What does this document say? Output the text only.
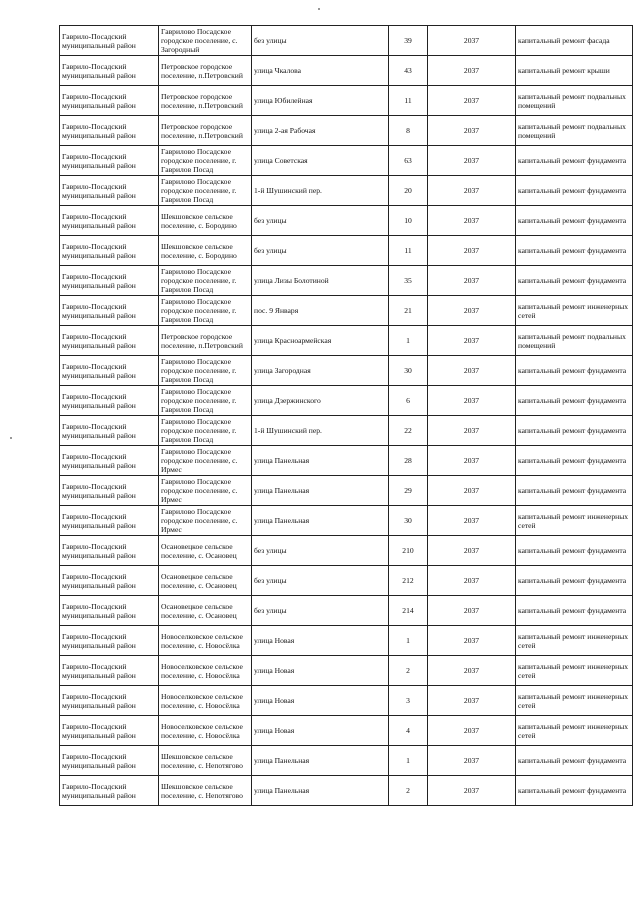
Гаврило-Посадский муниципальный район	Гаврилово Посадское городское поселение, с. Загородный	без улицы	39	2037	капитальный ремонт фасада
Гаврило-Посадский муниципальный район	Петровское городское поселение, п.Петровский	улица Чкалова	43	2037	капитальный ремонт крыши
Гаврило-Посадский муниципальный район	Петровское городское поселение, п.Петровский	улица Юбилейная	11	2037	капитальный ремонт подвальных помещений
Гаврило-Посадский муниципальный район	Петровское городское поселение, п.Петровский	улица 2-ая Рабочая	8	2037	капитальный ремонт подвальных помещений
Гаврило-Посадский муниципальный район	Гаврилово Посадское городское поселение, г. Гаврилов Посад	улица Советская	63	2037	капитальный ремонт фундамента
Гаврило-Посадский муниципальный район	Гаврилово Посадское городское поселение, г. Гаврилов Посад	1-й Шушинский пер.	20	2037	капитальный ремонт фундамента
Гаврило-Посадский муниципальный район	Шекшовское сельское поселение, с. Бородино	без улицы	10	2037	капитальный ремонт фундамента
Гаврило-Посадский муниципальный район	Шекшовское сельское поселение, с. Бородино	без улицы	11	2037	капитальный ремонт фундамента
Гаврило-Посадский муниципальный район	Гаврилово Посадское городское поселение, г. Гаврилов Посад	улица Лизы Болотиной	35	2037	капитальный ремонт фундамента
Гаврило-Посадский муниципальный район	Гаврилово Посадское городское поселение, г. Гаврилов Посад	пос. 9 Января	21	2037	капитальный ремонт инженерных сетей
Гаврило-Посадский муниципальный район	Петровское городское поселение, п.Петровский	улица Красноармейская	1	2037	капитальный ремонт подвальных помещений
Гаврило-Посадский муниципальный район	Гаврилово Посадское городское поселение, г. Гаврилов Посад	улица Загородная	30	2037	капитальный ремонт фундамента
Гаврило-Посадский муниципальный район	Гаврилово Посадское городское поселение, г. Гаврилов Посад	улица Дзержинского	6	2037	капитальный ремонт фундамента
Гаврило-Посадский муниципальный район	Гаврилово Посадское городское поселение, г. Гаврилов Посад	1-й Шушинский пер.	22	2037	капитальный ремонт фундамента
Гаврило-Посадский муниципальный район	Гаврилово Посадское городское поселение, с. Ирмес	улица Панельная	28	2037	капитальный ремонт фундамента
Гаврило-Посадский муниципальный район	Гаврилово Посадское городское поселение, с. Ирмес	улица Панельная	29	2037	капитальный ремонт фундамента
Гаврило-Посадский муниципальный район	Гаврилово Посадское городское поселение, с. Ирмес	улица Панельная	30	2037	капитальный ремонт инженерных сетей
Гаврило-Посадский муниципальный район	Осановецкое сельское поселение, с. Осановец	без улицы	210	2037	капитальный ремонт фундамента
Гаврило-Посадский муниципальный район	Осановецкое сельское поселение, с. Осановец	без улицы	212	2037	капитальный ремонт фундамента
Гаврило-Посадский муниципальный район	Осановецкое сельское поселение, с. Осановец	без улицы	214	2037	капитальный ремонт фундамента
Гаврило-Посадский муниципальный район	Новоселковское сельское поселение, с. Новосёлка	улица Новая	1	2037	капитальный ремонт инженерных сетей
Гаврило-Посадский муниципальный район	Новоселковское сельское поселение, с. Новосёлка	улица Новая	2	2037	капитальный ремонт инженерных сетей
Гаврило-Посадский муниципальный район	Новоселковское сельское поселение, с. Новосёлка	улица Новая	3	2037	капитальный ремонт инженерных сетей
Гаврило-Посадский муниципальный район	Новоселковское сельское поселение, с. Новосёлка	улица Новая	4	2037	капитальный ремонт инженерных сетей
Гаврило-Посадский муниципальный район	Шекшовское сельское поселение, с. Непотягово	улица Панельная	1	2037	капитальный ремонт фундамента
Гаврило-Посадский муниципальный район	Шекшовское сельское поселение, с. Непотягово	улица Панельная	2	2037	капитальный ремонт фундамента
